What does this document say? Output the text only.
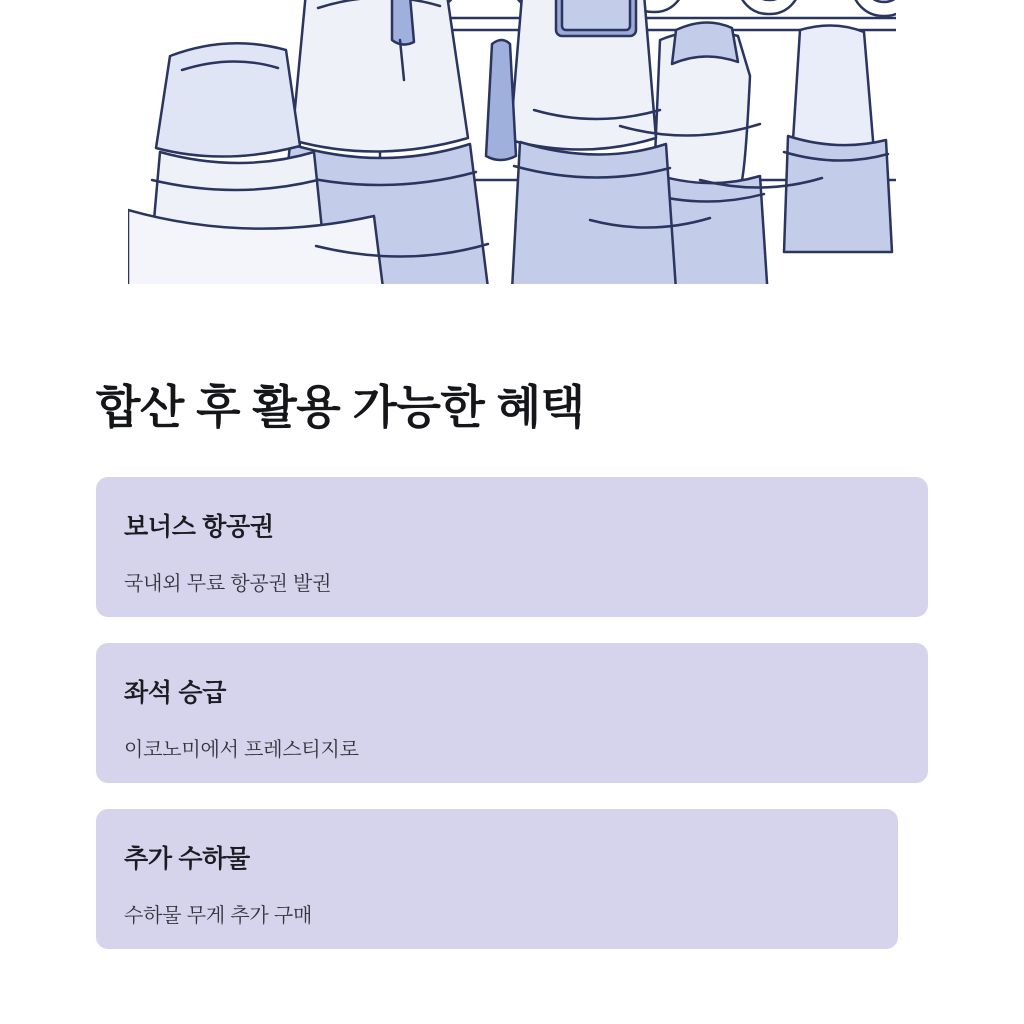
합산 후 활용 가능한 혜택
보너스 항공권
국내외 무료 항공권 발권
좌석 승급
이코노미에서 프레스티지로
추가 수하물
수하물 무게 추가 구매
